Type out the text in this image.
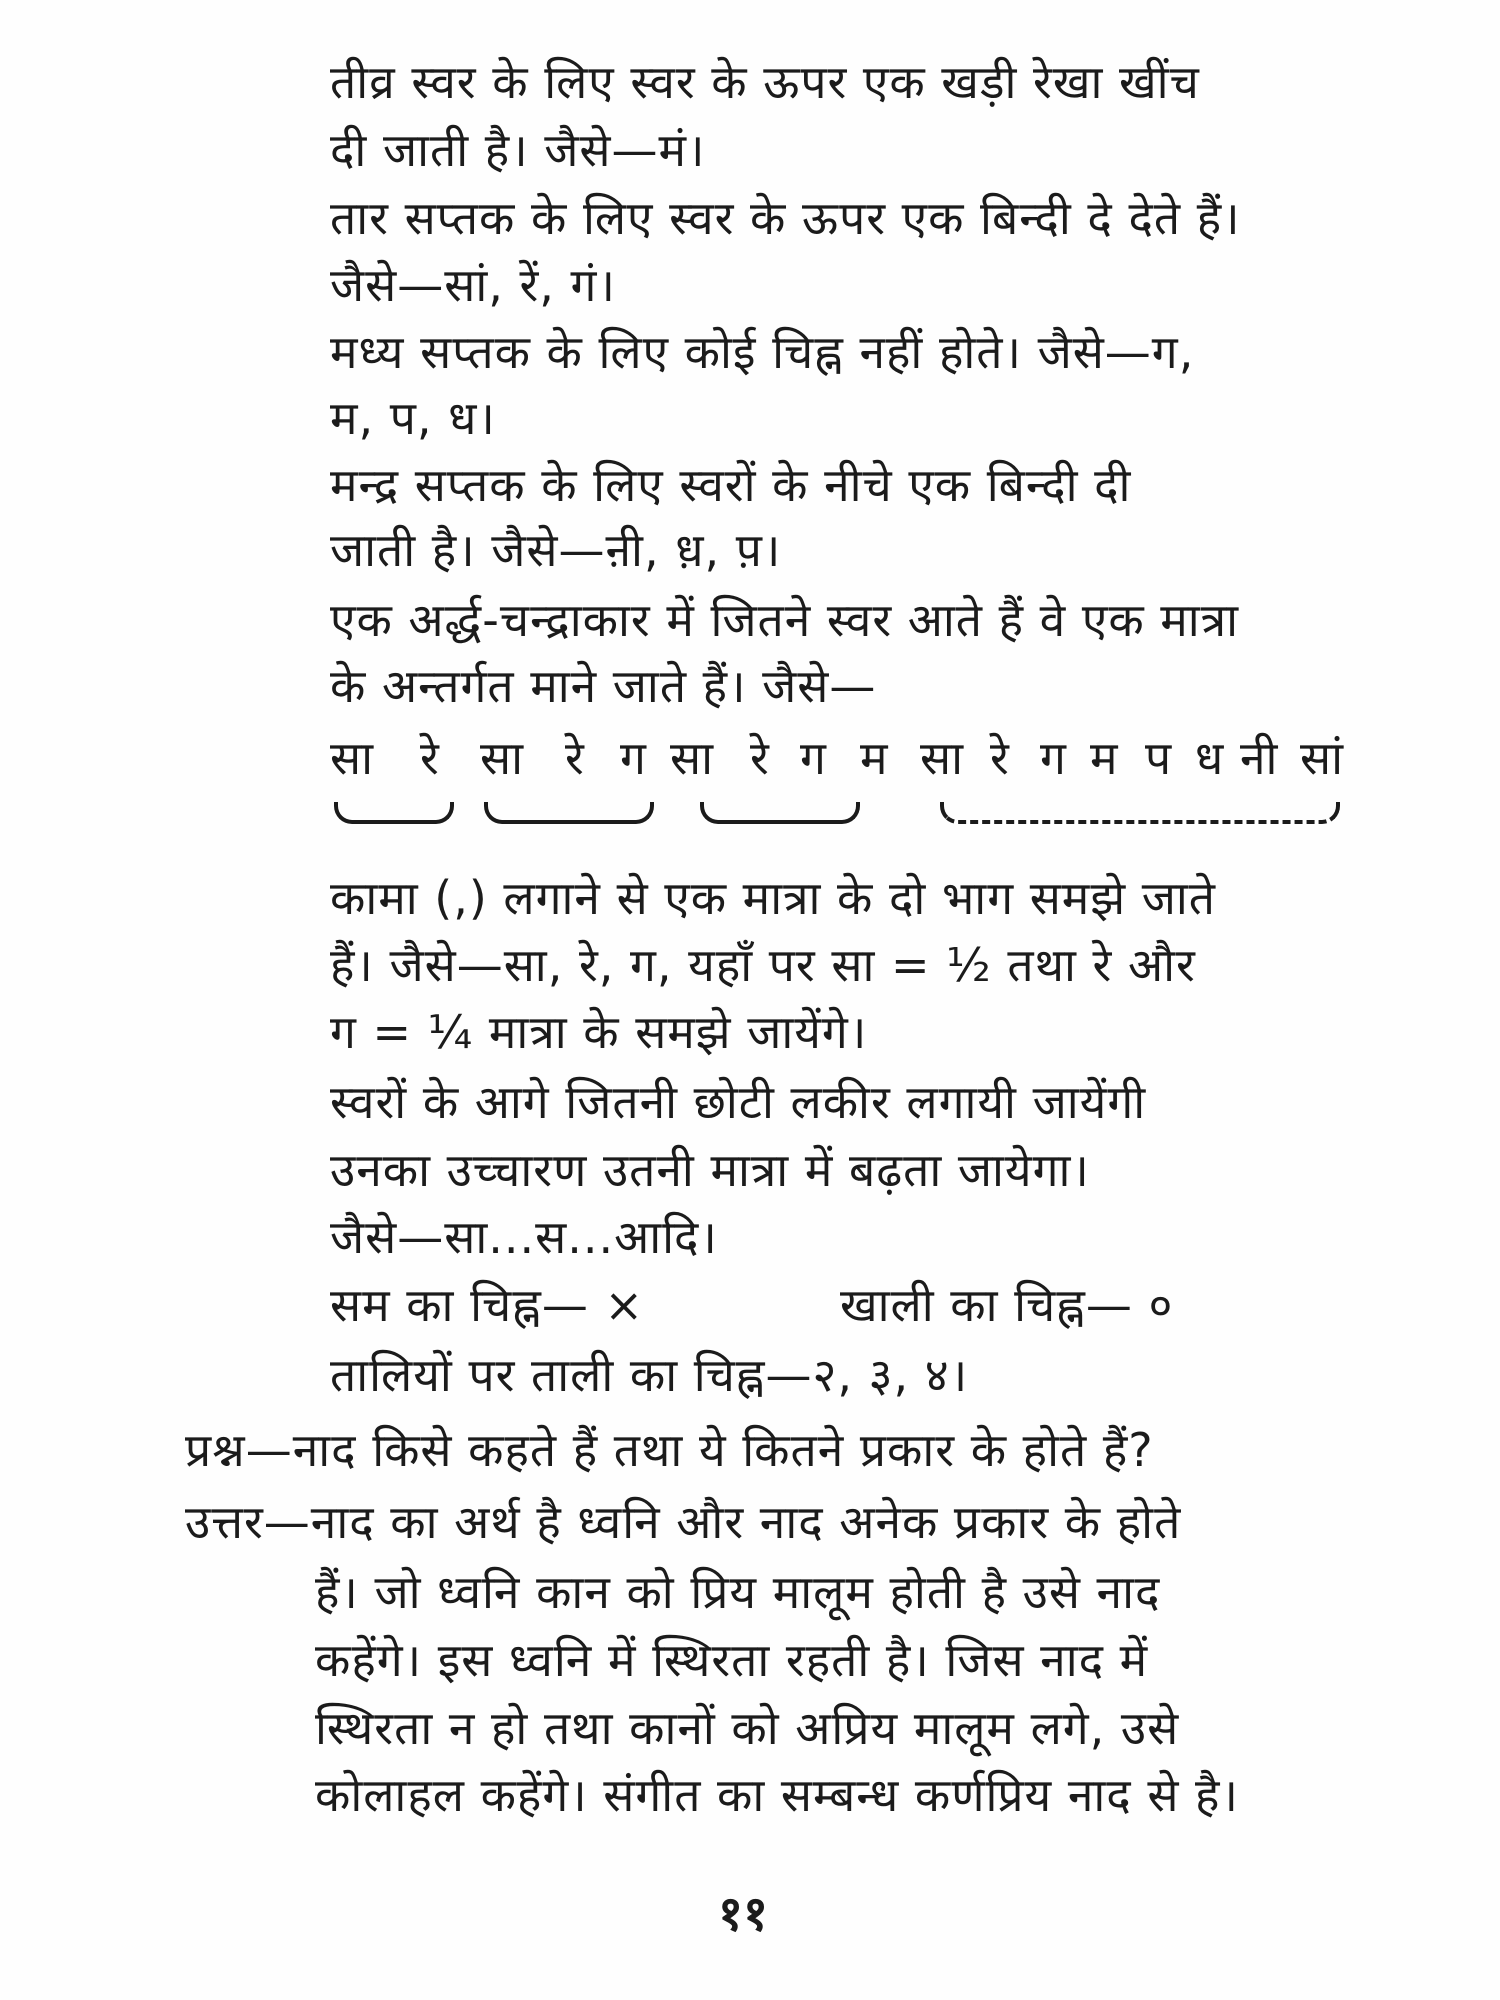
तीव्र स्वर के लिए स्वर के ऊपर एक खड़ी रेखा खींच
दी जाती है। जैसे—मं।
तार सप्तक के लिए स्वर के ऊपर एक बिन्दी दे देते हैं।
जैसे—सां, रें, गं।
मध्य सप्तक के लिए कोई चिह्न नहीं होते। जैसे—ग,
म, प, ध।
मन्द्र सप्तक के लिए स्वरों के नीचे एक बिन्दी दी
जाती है। जैसे—ऩी, ध़, प़।
एक अर्द्ध-चन्द्राकार में जितने स्वर आते हैं वे एक मात्रा
के अन्तर्गत माने जाते हैं। जैसे—
सा रे सा रे ग सा रे ग म सा रे ग म प ध नी सां
कामा (,) लगाने से एक मात्रा के दो भाग समझे जाते
हैं। जैसे—सा, रे, ग, यहाँ पर सा = ½ तथा रे और
ग = ¼ मात्रा के समझे जायेंगे।
स्वरों के आगे जितनी छोटी लकीर लगायी जायेंगी
उनका उच्चारण उतनी मात्रा में बढ़ता जायेगा।
जैसे—सा...स...आदि।
सम का चिह्न— ×	खाली का चिह्न— ०
तालियों पर ताली का चिह्न—२, ३, ४।
प्रश्न—नाद किसे कहते हैं तथा ये कितने प्रकार के होते हैं?
उत्तर—नाद का अर्थ है ध्वनि और नाद अनेक प्रकार के होते
हैं। जो ध्वनि कान को प्रिय मालूम होती है उसे नाद
कहेंगे। इस ध्वनि में स्थिरता रहती है। जिस नाद में
स्थिरता न हो तथा कानों को अप्रिय मालूम लगे, उसे
कोलाहल कहेंगे। संगीत का सम्बन्ध कर्णप्रिय नाद से है।
११
